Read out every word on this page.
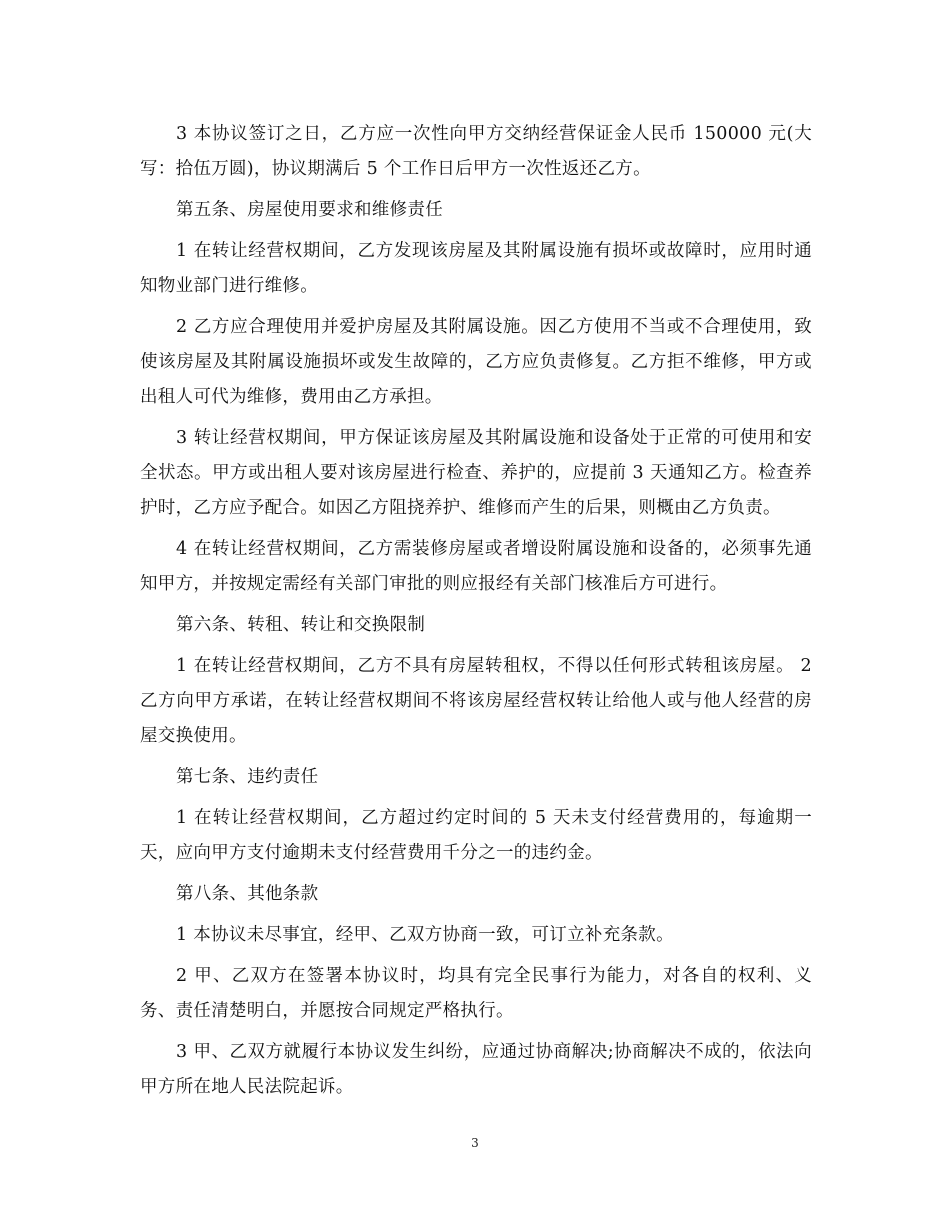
3 本协议签订之日，乙方应一次性向甲方交纳经营保证金人民币 150000 元(大写：拾伍万圆)，协议期满后 5 个工作日后甲方一次性返还乙方。

第五条、房屋使用要求和维修责任

1 在转让经营权期间，乙方发现该房屋及其附属设施有损坏或故障时，应用时通知物业部门进行维修。

2 乙方应合理使用并爱护房屋及其附属设施。因乙方使用不当或不合理使用，致使该房屋及其附属设施损坏或发生故障的，乙方应负责修复。乙方拒不维修，甲方或出租人可代为维修，费用由乙方承担。

3 转让经营权期间，甲方保证该房屋及其附属设施和设备处于正常的可使用和安全状态。甲方或出租人要对该房屋进行检查、养护的，应提前 3 天通知乙方。检查养护时，乙方应予配合。如因乙方阻挠养护、维修而产生的后果，则概由乙方负责。

4 在转让经营权期间，乙方需装修房屋或者增设附属设施和设备的，必须事先通知甲方，并按规定需经有关部门审批的则应报经有关部门核准后方可进行。

第六条、转租、转让和交换限制

1 在转让经营权期间，乙方不具有房屋转租权，不得以任何形式转租该房屋。 2 乙方向甲方承诺，在转让经营权期间不将该房屋经营权转让给他人或与他人经营的房屋交换使用。

第七条、违约责任

1 在转让经营权期间，乙方超过约定时间的 5 天未支付经营费用的，每逾期一天，应向甲方支付逾期未支付经营费用千分之一的违约金。

第八条、其他条款

1 本协议未尽事宜，经甲、乙双方协商一致，可订立补充条款。

2 甲、乙双方在签署本协议时，均具有完全民事行为能力，对各自的权利、义务、责任清楚明白，并愿按合同规定严格执行。

3 甲、乙双方就履行本协议发生纠纷，应通过协商解决;协商解决不成的，依法向甲方所在地人民法院起诉。

3
